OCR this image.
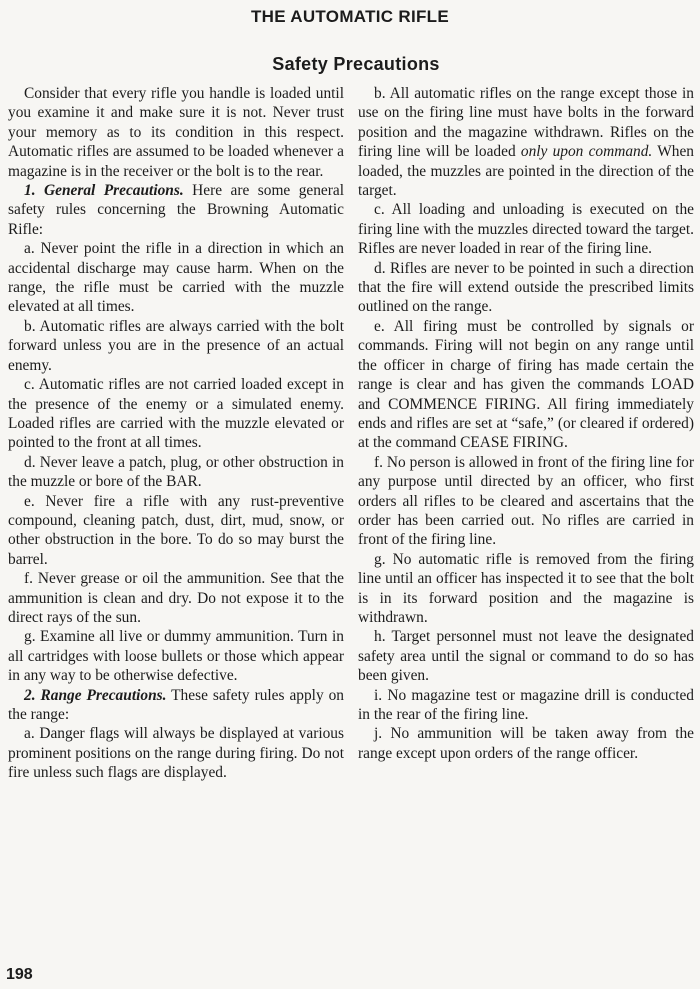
THE AUTOMATIC RIFLE
Safety Precautions

Consider that every rifle you handle is loaded until you examine it and make sure it is not. Never trust your memory as to its condition in this respect. Automatic rifles are assumed to be loaded whenever a magazine is in the receiver or the bolt is to the rear.

1. General Precautions. Here are some general safety rules concerning the Browning Automatic Rifle:

a. Never point the rifle in a direction in which an accidental discharge may cause harm. When on the range, the rifle must be carried with the muzzle elevated at all times.

b. Automatic rifles are always carried with the bolt forward unless you are in the presence of an actual enemy.

c. Automatic rifles are not carried loaded except in the presence of the enemy or a simulated enemy. Loaded rifles are carried with the muzzle elevated or pointed to the front at all times.

d. Never leave a patch, plug, or other obstruction in the muzzle or bore of the BAR.

e. Never fire a rifle with any rust-preventive compound, cleaning patch, dust, dirt, mud, snow, or other obstruction in the bore. To do so may burst the barrel.

f. Never grease or oil the ammunition. See that the ammunition is clean and dry. Do not expose it to the direct rays of the sun.

g. Examine all live or dummy ammunition. Turn in all cartridges with loose bullets or those which appear in any way to be otherwise defective.

2. Range Precautions. These safety rules apply on the range:

a. Danger flags will always be displayed at various prominent positions on the range during firing. Do not fire unless such flags are displayed.

b. All automatic rifles on the range except those in use on the firing line must have bolts in the forward position and the magazine withdrawn. Rifles on the firing line will be loaded only upon command. When loaded, the muzzles are pointed in the direction of the target.

c. All loading and unloading is executed on the firing line with the muzzles directed toward the target. Rifles are never loaded in rear of the firing line.

d. Rifles are never to be pointed in such a direction that the fire will extend outside the prescribed limits outlined on the range.

e. All firing must be controlled by signals or commands. Firing will not begin on any range until the officer in charge of firing has made certain the range is clear and has given the commands LOAD and COMMENCE FIRING. All firing immediately ends and rifles are set at “safe,” (or cleared if ordered) at the command CEASE FIRING.

f. No person is allowed in front of the firing line for any purpose until directed by an officer, who first orders all rifles to be cleared and ascertains that the order has been carried out. No rifles are carried in front of the firing line.

g. No automatic rifle is removed from the firing line until an officer has inspected it to see that the bolt is in its forward position and the magazine is withdrawn.

h. Target personnel must not leave the designated safety area until the signal or command to do so has been given.

i. No magazine test or magazine drill is conducted in the rear of the firing line.

j. No ammunition will be taken away from the range except upon orders of the range officer.

198
